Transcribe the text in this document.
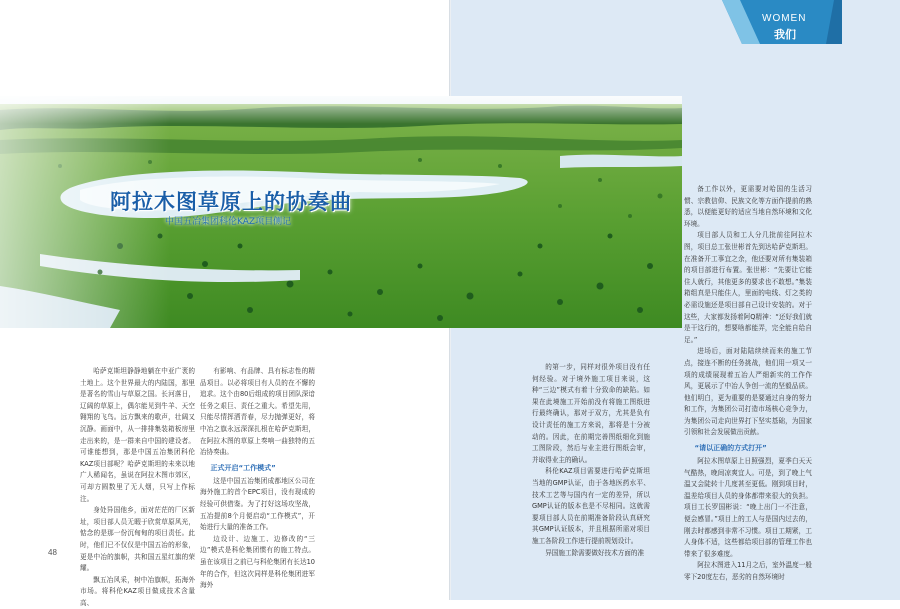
WOMEN
我们
阿拉木图草原上的协奏曲

中国五冶集团科伦KAZ项目侧记

哈萨克斯坦静静地躺在中亚广袤的土地上。这个世界最大的内陆国，那里是著名的雪山与草原之国。长河落日，辽阔的草原上，偶尔能见到牛羊、天空翱翔的飞鸟。远方飘来的歌声，壮阔又沉静。画面中，从一排排集装箱板房里走出来的，是一群来自中国的建设者。可谁能想到，那是中国五冶集团科伦KAZ项目部呢？哈萨克斯坦的未来以地广人稀闻名，虽说在阿拉木图市郊区，可却方圆数里了无人烟，只写上作标注。

身处异国他乡，面对茫茫的厂区新址，项目部人员无暇于欣赏草原风光，惦念的是那一份沉甸甸的项目责任。此时，他们已不仅仅是中国五冶的形象，更是中冶的旗帜，共和国五星红旗的荣耀。

飘五冶风采，树中冶旗帜，拓海外市场。将科伦KAZ项目做成技术含量高、

有影响、有品牌、具有标志性的精品项目。以必将项目有人员的在不懈的追求。这个由80后组成的项目团队深谙任务之艰巨、责任之重大。希望先用，只能尽情挥洒青春，尽力抛弹更好，将中冶之旗永远深深扎根在哈萨克斯坦，在阿拉木图的草原上奏响一曲独特的五冶协奏曲。

正式开启“工作模式”

这是中国五冶集团成都地区公司在海外施工的首个EPC项目，没有现成的经验可供借鉴。为了打好这场攻坚战，五冶提前8个月便启动“工作模式”，开始进行大量的准备工作。

边设计、边施工、边修改的“三边”模式是科伦集团惯有的施工特点。虽在该项目之前已与科伦集团有长达10年的合作，但这次同样是科伦集团进军海外

的第一步，同样对很外项目没有任何经验。对于境外施工项目来说，这种“三边”模式有着十分致命的缺陷。如果在此境施工开始前没有将施工图纸进行最终确认，那对于双方，尤其是负有设计责任的施工方来说，那将是十分被动的。因此，在前期完善图纸细化到施工图阶段，然后与业主进行图纸会审，并取得业主的确认。

科伦KAZ项目需要进行哈萨克斯坦当地的GMP认证，由于各地医药水平、技术工艺等与国内有一定的差异，所以GMP认证的版本也是不尽相同。这就需要项目部人员在前期准备阶段认真研究其GMP认证版本，并且根据所需对项目施工各阶段工作进行提前规划设计。

异国施工除需要做好技术方面的准

备工作以外，更需要对哈国的生活习惯、宗教信仰、民族文化等方面作提前的熟悉，以便能更好的适应当地自然环境和文化环境。

项目部人员和工人分几批前往阿拉木图，项目总工张世彬首先到达哈萨克斯坦。在准备开工事宜之余，他还要对所有集装箱的项目部进行布置。张世彬：“先要让它能住人就行，其他更多的要求也不敢想。”集装箱组真是只能住人，里面的电线、灯之类的必需设施还是项目部自己设计安装的。对于这些，大家都发扬着阿Q精神：“还好我们就是干这行的，想要啥都能弄，完全能自给自足。”

进场后，面对陆陆续续而来的施工节点，接连不断的任务挑战，他们用一项又一项的成绩展现着五冶人严细新实的工作作风，更展示了中冶人争创一流的坚毅品质。他们明白，更为重要的是要通过自身的努力和工作，为集团公司打造市场核心竞争力，为集团公司走向世界打下坚实基础，为国家引领和社会发展做出贡献。

“请以正确的方式打开”

阿拉木图草原上日照强烈，夏季白天天气酷热，晚间凉爽宜人。可是，到了晚上气温又会陡转十几度甚至更低。刚到项目时，温差给项目人员的身体都带来很大的负担。项目工长罗国彬说：“晚上出门一不注意，便会感冒。”项目上的工人与是国内过去的，刚去时都感到非常不习惯。项目工期紧，工人身体不适，这些都给项目部的管理工作也带来了很多难度。

阿拉木图进入11月之后，室外温度一般零下20度左右，恶劣的自然环境时

48
